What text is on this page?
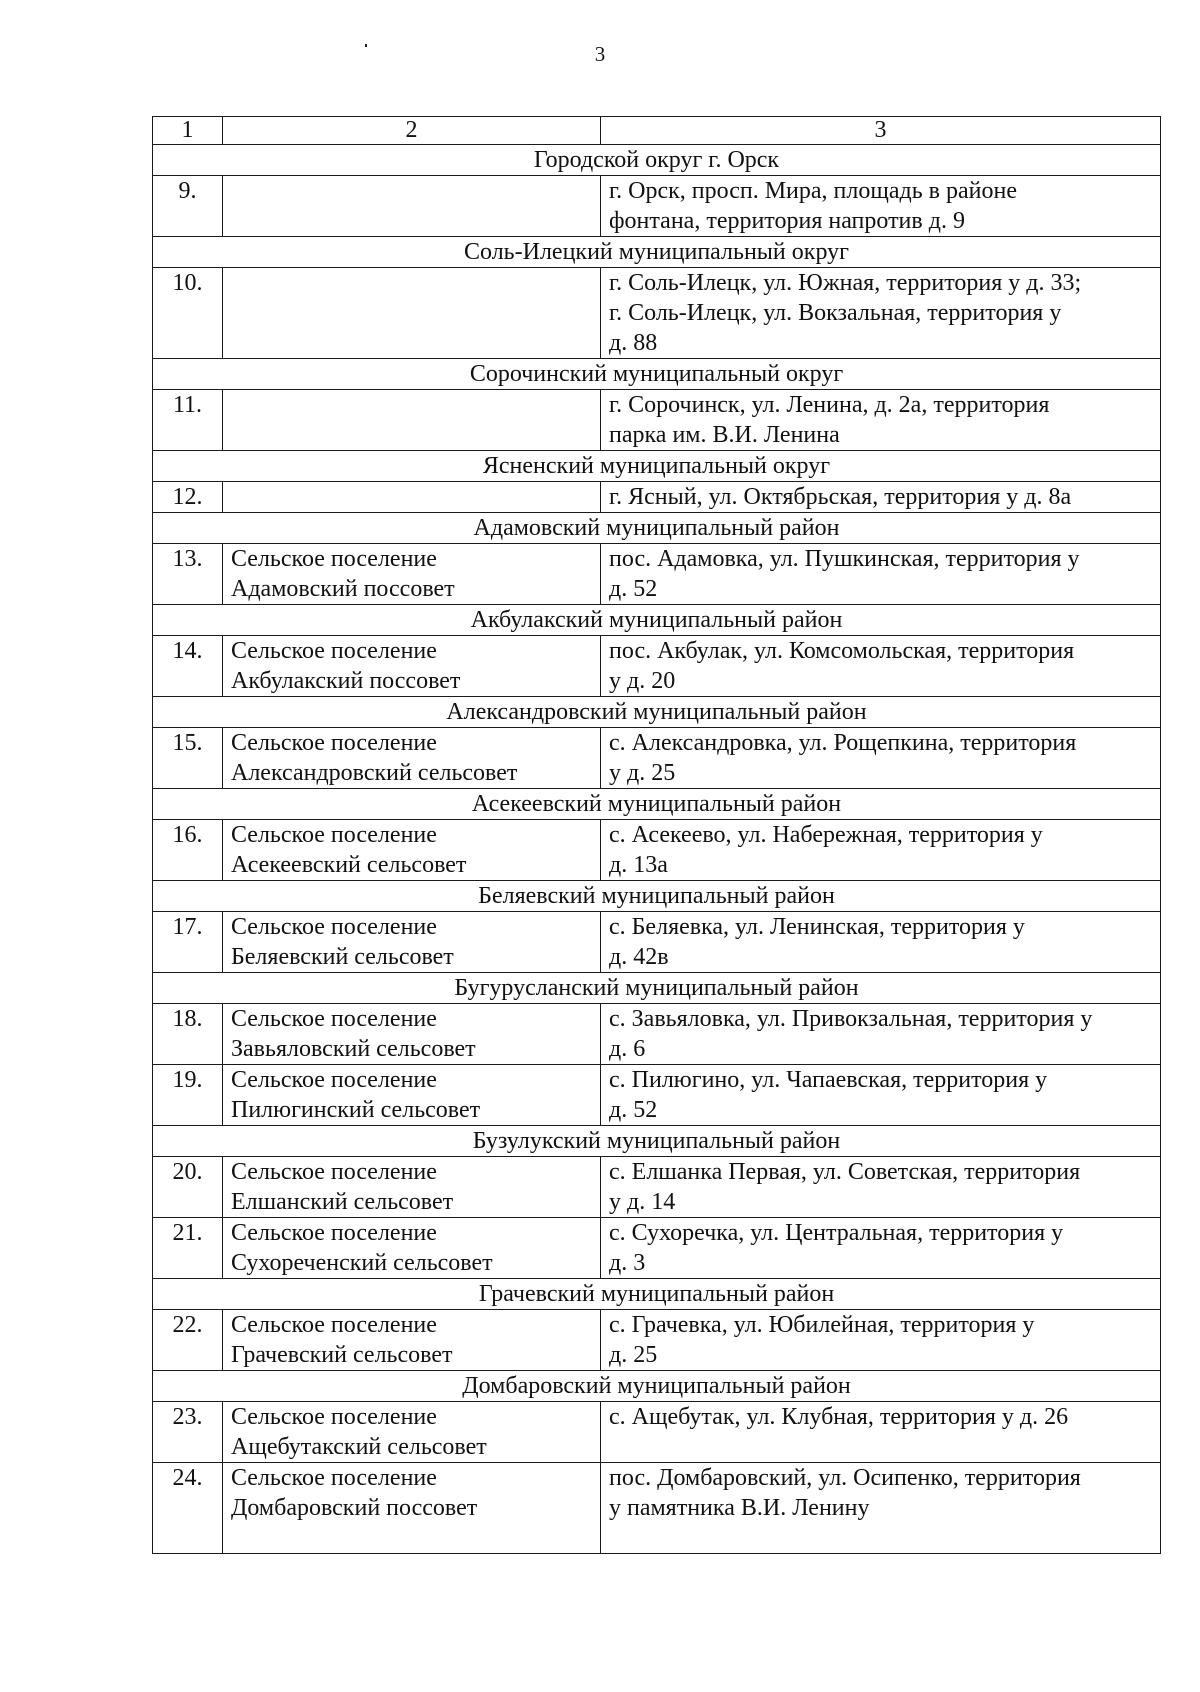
3
1	2	3
Городской округ г. Орск		
9.		г. Орск, просп. Мира, площадь в районе
фонтана, территория напротив д. 9

Соль-Илецкий муниципальный округ		
10.		г. Соль-Илецк, ул. Южная, территория у д. 33;
г. Соль-Илецк, ул. Вокзальная, территория у
д. 88

Сорочинский муниципальный округ		
11.		г. Сорочинск, ул. Ленина, д. 2а, территория
парка им. В.И. Ленина

Ясненский муниципальный округ		
12.		г. Ясный, ул. Октябрьская, территория у д. 8а

Адамовский муниципальный район		
13.	Сельское поселение
Адамовский поссовет	пос. Адамовка, ул. Пушкинская, территория у
д. 52

Акбулакский муниципальный район		
14.	Сельское поселение
Акбулакский поссовет	пос. Акбулак, ул. Комсомольская, территория
у д. 20

Александровский муниципальный район		
15.	Сельское поселение
Александровский сельсовет	с. Александровка, ул. Рощепкина, территория
у д. 25

Асекеевский муниципальный район		
16.	Сельское поселение
Асекеевский сельсовет	с. Асекеево, ул. Набережная, территория у
д. 13а

Беляевский муниципальный район		
17.	Сельское поселение
Беляевский сельсовет	с. Беляевка, ул. Ленинская, территория у
д. 42в

Бугурусланский муниципальный район		
18.	Сельское поселение
Завьяловский сельсовет	с. Завьяловка, ул. Привокзальная, территория у
д. 6

19.	Сельское поселение
Пилюгинский сельсовет	с. Пилюгино, ул. Чапаевская, территория у
д. 52

Бузулукский муниципальный район		
20.	Сельское поселение
Елшанский сельсовет	с. Елшанка Первая, ул. Советская, территория
у д. 14

21.	Сельское поселение
Сухореченский сельсовет	с. Сухоречка, ул. Центральная, территория у
д. 3

Грачевский муниципальный район		
22.	Сельское поселение
Грачевский сельсовет	с. Грачевка, ул. Юбилейная, территория у
д. 25

Домбаровский муниципальный район		
23.	Сельское поселение
Ащебутакский сельсовет	с. Ащебутак, ул. Клубная, территория у д. 26

24.	Сельское поселение
Домбаровский поссовет	пос. Домбаровский, ул. Осипенко, территория
у памятника В.И. Ленину
